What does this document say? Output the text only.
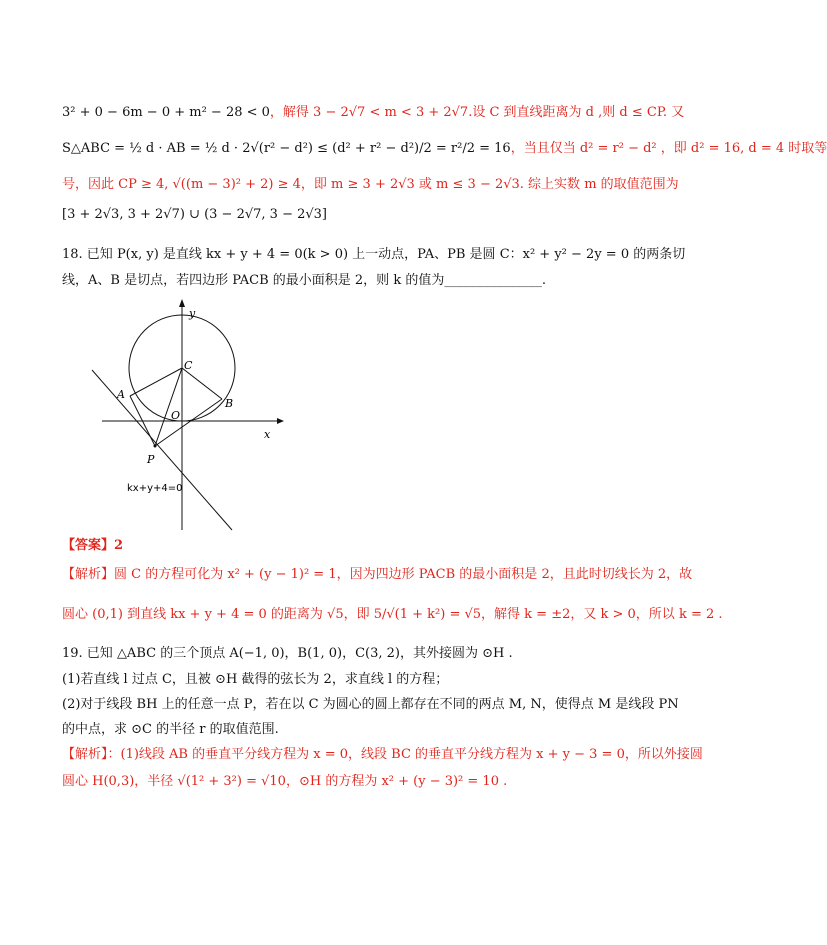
3² + 0 − 6m − 0 + m² − 28 < 0，解得 3 − 2√7 < m < 3 + 2√7.设 C 到直线距离为 d ,则 d ≤ CP. 又
S△ABC = ½ d · AB = ½ d · 2√(r² − d²) ≤ (d² + r² − d²)/2 = r²/2 = 16，当且仅当 d² = r² − d² ，即 d² = 16, d = 4 时取等
号，因此 CP ≥ 4, √((m − 3)² + 2) ≥ 4，即 m ≥ 3 + 2√3 或 m ≤ 3 − 2√3. 综上实数 m 的取值范围为
[3 + 2√3, 3 + 2√7) ∪ (3 − 2√7, 3 − 2√3]
18. 已知 P(x, y) 是直线 kx + y + 4 = 0(k > 0) 上一动点，PA、PB 是圆 C：x² + y² − 2y = 0 的两条切
线，A、B 是切点，若四边形 PACB 的最小面积是 2，则 k 的值为_______________.
y
x
C
A
B
O
P
kx+y+4=0
【答案】2
【解析】圆 C 的方程可化为 x² + (y − 1)² = 1，因为四边形 PACB 的最小面积是 2，且此时切线长为 2，故
圆心 (0,1) 到直线 kx + y + 4 = 0 的距离为 √5，即 5/√(1 + k²) = √5，解得 k = ±2，又 k > 0，所以 k = 2 .
19. 已知 △ABC 的三个顶点 A(−1, 0)，B(1, 0)，C(3, 2)，其外接圆为 ⊙H .
(1)若直线 l 过点 C，且被 ⊙H 截得的弦长为 2，求直线 l 的方程；
(2)对于线段 BH 上的任意一点 P，若在以 C 为圆心的圆上都存在不同的两点 M, N，使得点 M 是线段 PN
的中点，求 ⊙C 的半径 r 的取值范围.
【解析】：(1)线段 AB 的垂直平分线方程为 x = 0，线段 BC 的垂直平分线方程为 x + y − 3 = 0，所以外接圆
圆心 H(0,3)，半径 √(1² + 3²) = √10，⊙H 的方程为 x² + (y − 3)² = 10 .
